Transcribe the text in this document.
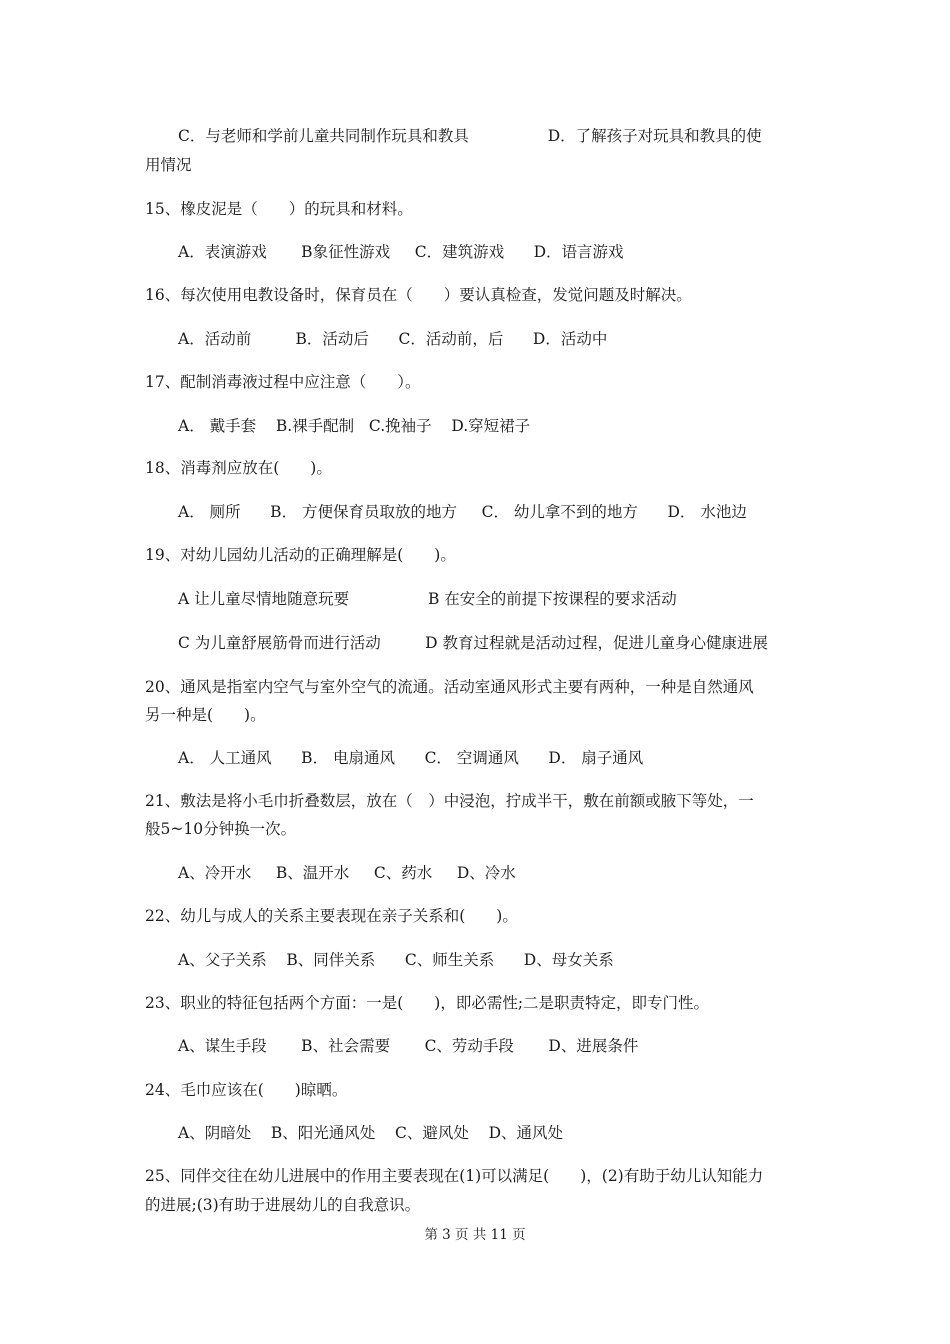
C．与老师和学前儿童共同制作玩具和教具                D．了解孩子对玩具和教具的使
用情况
15、橡皮泥是（　　）的玩具和材料。
A．表演游戏       B象征性游戏     C．建筑游戏      D．语言游戏
16、每次使用电教设备时，保育员在（　　）要认真检查，发觉问题及时解决。
A．活动前         B．活动后      C．活动前，后      D．活动中
17、配制消毒液过程中应注意（　　）。
A． 戴手套    B.裸手配制   C.挽袖子    D.穿短裙子
18、消毒剂应放在(　　)。
A． 厕所      B． 方便保育员取放的地方     C． 幼儿拿不到的地方      D． 水池边
19、对幼儿园幼儿活动的正确理解是(　　)。
A 让儿童尽情地随意玩要                B 在安全的前提下按课程的要求活动
C 为儿童舒展筋骨而进行活动         D 教育过程就是活动过程，促进儿童身心健康进展
20、通风是指室内空气与室外空气的流通。活动室通风形式主要有两种，一种是自然通风
另一种是(　　)。
A． 人工通风      B． 电扇通风      C． 空调通风      D． 扇子通风
21、敷法是将小毛巾折叠数层，放在（　）中浸泡，拧成半干，敷在前额或腋下等处，一
般5~10分钟换一次。
A、冷开水     B、温开水     C、药水     D、冷水
22、幼儿与成人的关系主要表现在亲子关系和(　　)。
A、父子关系    B、同伴关系      C、师生关系      D、母女关系
23、职业的特征包括两个方面：一是(　　)，即必需性;二是职责特定，即专门性。
A、谋生手段       B、社会需要       C、劳动手段       D、进展条件
24、毛巾应该在(　　)晾晒。
A、阴暗处    B、阳光通风处    C、避风处    D、通风处
25、同伴交往在幼儿进展中的作用主要表现在(1)可以满足(　　)，(2)有助于幼儿认知能力
的进展;(3)有助于进展幼儿的自我意识。
第 3 页 共 11 页
